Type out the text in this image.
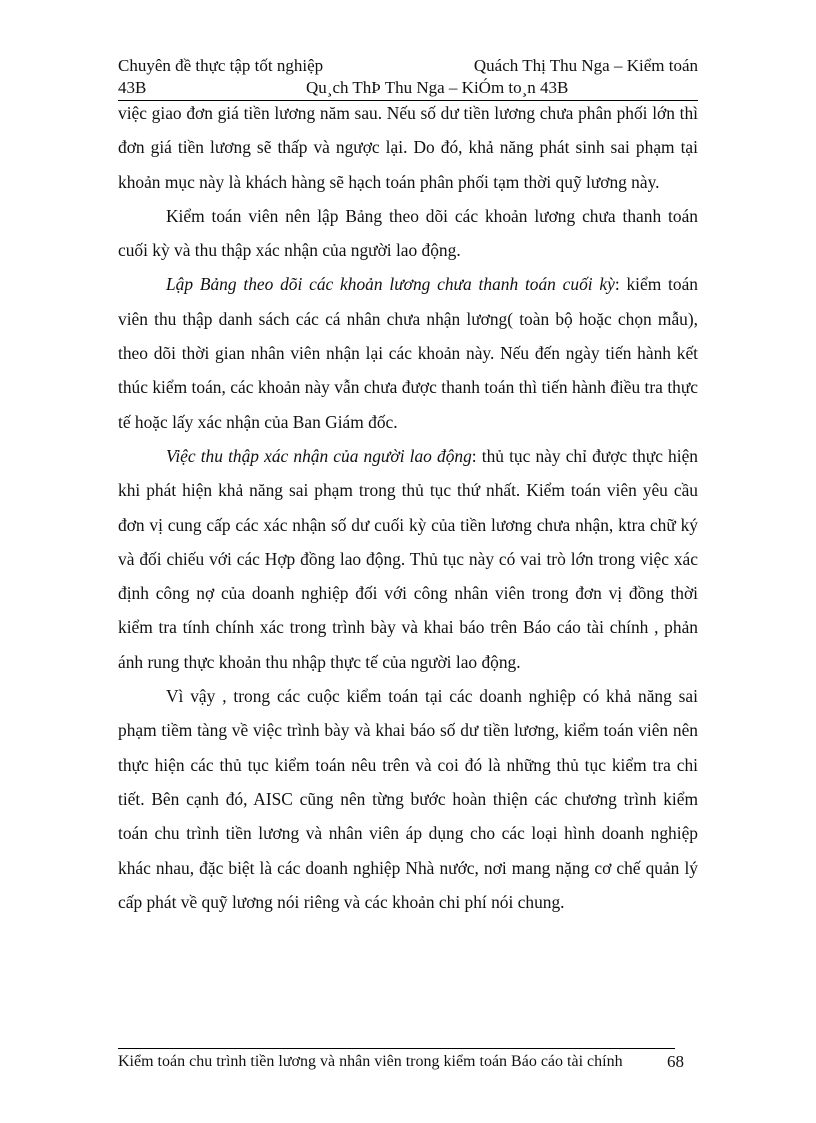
Chuyên đề thực tập tốt nghiệp	Quách Thị Thu Nga – Kiểm toán
43B	Qu¸ch ThÞ Thu Nga – KiÓm to¸n 43B

việc giao đơn giá tiền lương năm sau. Nếu số dư tiền lương chưa phân phối lớn thì đơn giá tiền lương sẽ thấp và ngược lại. Do đó, khả năng phát sinh sai phạm tại khoản mục này là khách hàng sẽ hạch toán phân phối tạm thời quỹ lương này.

Kiểm toán viên nên lập Bảng theo dõi các khoản lương chưa thanh toán cuối kỳ và thu thập xác nhận của người lao động.

Lập Bảng theo dõi các khoản lương chưa thanh toán cuối kỳ: kiểm toán viên thu thập danh sách các cá nhân chưa nhận lương( toàn bộ hoặc chọn mẫu), theo dõi thời gian nhân viên nhận lại các khoản này. Nếu đến ngày tiến hành kết thúc kiểm toán, các khoản này vẫn chưa được thanh toán thì tiến hành điều tra thực tế hoặc lấy xác nhận của Ban Giám đốc.

Việc thu thập xác nhận của người lao động: thủ tục này chỉ được thực hiện khi phát hiện khả năng sai phạm trong thủ tục thứ nhất. Kiểm toán viên yêu cầu đơn vị cung cấp các xác nhận số dư cuối kỳ của tiền lương chưa nhận, ktra chữ ký và đối chiếu với các Hợp đồng lao động. Thủ tục này có vai trò lớn trong việc xác định công nợ của doanh nghiệp đối với công nhân viên trong đơn vị đồng thời kiểm tra tính chính xác trong trình bày và khai báo trên Báo cáo tài chính , phản ánh rung thực khoản thu nhập thực tế của người lao động.

Vì vậy , trong các cuộc kiểm toán tại các doanh nghiệp có khả năng sai phạm tiềm tàng về việc trình bày và khai báo số dư tiền lương, kiểm toán viên nên thực hiện các thủ tục kiểm toán nêu trên và coi đó là những thủ tục kiểm tra chi tiết. Bên cạnh đó, AISC cũng nên từng bước hoàn thiện các chương trình kiểm toán chu trình tiền lương và nhân viên áp dụng cho các loại hình doanh nghiệp khác nhau, đặc biệt là các doanh nghiệp Nhà nước, nơi mang nặng cơ chế quản lý cấp phát về quỹ lương nói riêng và các khoản chi phí nói chung.

Kiểm toán chu trình tiền lương và nhân viên trong kiểm toán Báo cáo tài chính	68
